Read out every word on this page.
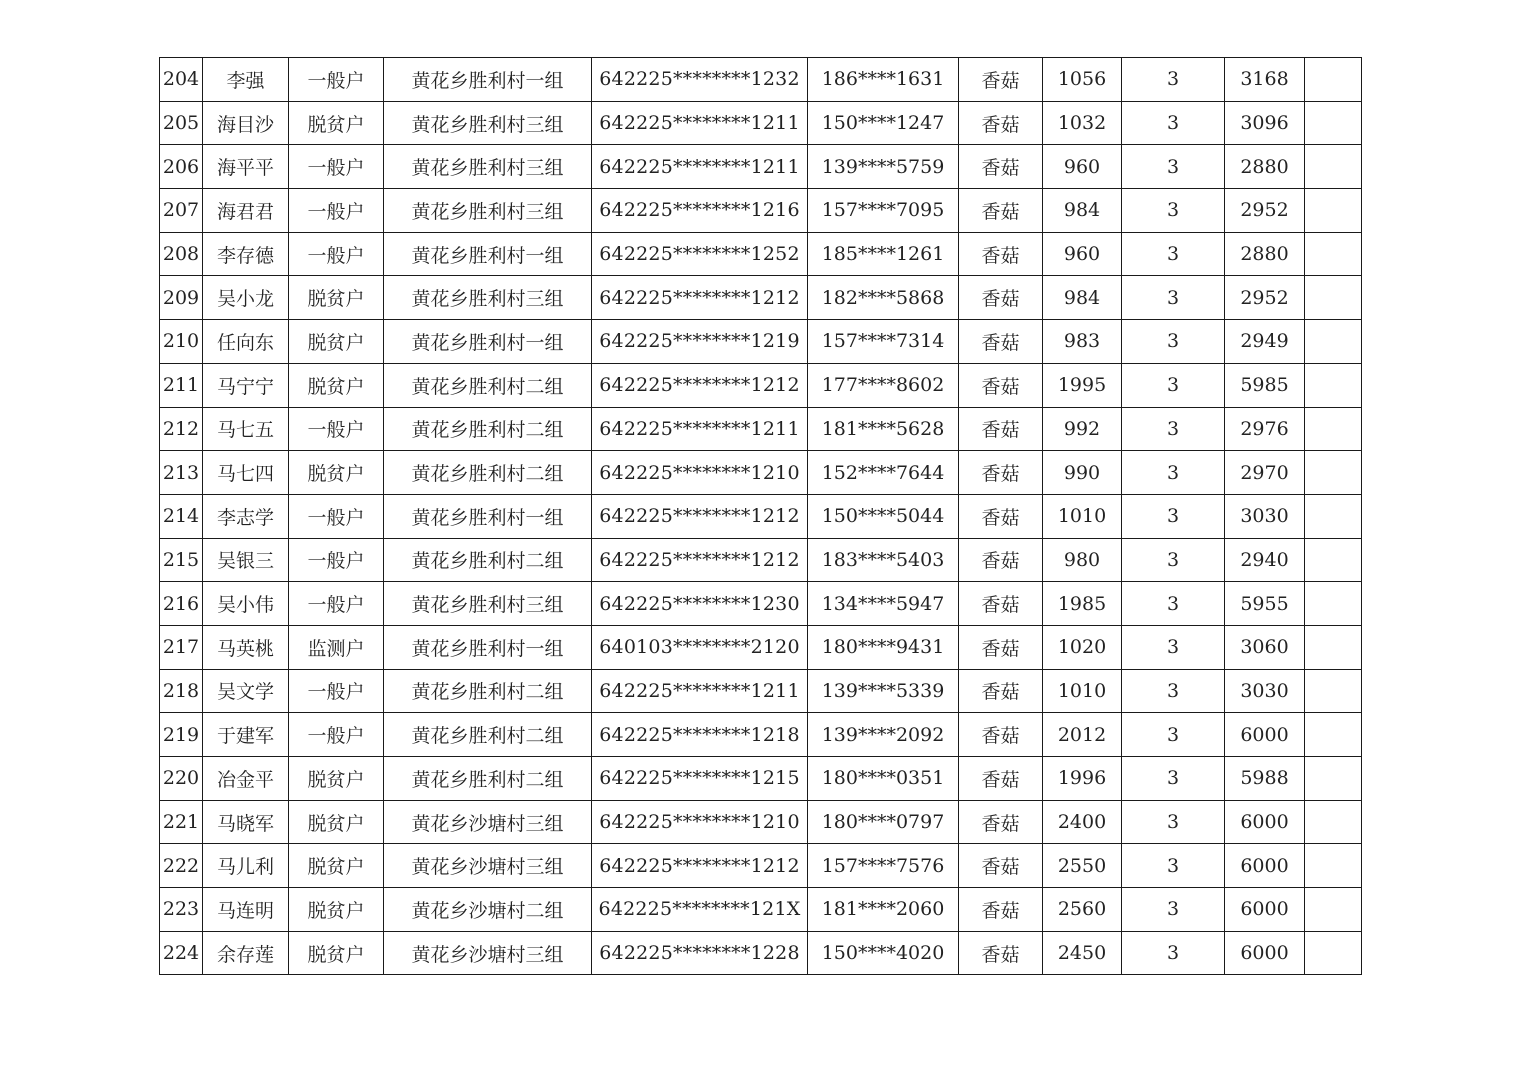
204	李强	一般户	黄花乡胜利村一组	642225********1232	186****1631	香菇	1056	3	3168	
205	海目沙	脱贫户	黄花乡胜利村三组	642225********1211	150****1247	香菇	1032	3	3096	
206	海平平	一般户	黄花乡胜利村三组	642225********1211	139****5759	香菇	960	3	2880	
207	海君君	一般户	黄花乡胜利村三组	642225********1216	157****7095	香菇	984	3	2952	
208	李存德	一般户	黄花乡胜利村一组	642225********1252	185****1261	香菇	960	3	2880	
209	吴小龙	脱贫户	黄花乡胜利村三组	642225********1212	182****5868	香菇	984	3	2952	
210	任向东	脱贫户	黄花乡胜利村一组	642225********1219	157****7314	香菇	983	3	2949	
211	马宁宁	脱贫户	黄花乡胜利村二组	642225********1212	177****8602	香菇	1995	3	5985	
212	马七五	一般户	黄花乡胜利村二组	642225********1211	181****5628	香菇	992	3	2976	
213	马七四	脱贫户	黄花乡胜利村二组	642225********1210	152****7644	香菇	990	3	2970	
214	李志学	一般户	黄花乡胜利村一组	642225********1212	150****5044	香菇	1010	3	3030	
215	吴银三	一般户	黄花乡胜利村二组	642225********1212	183****5403	香菇	980	3	2940	
216	吴小伟	一般户	黄花乡胜利村三组	642225********1230	134****5947	香菇	1985	3	5955	
217	马英桃	监测户	黄花乡胜利村一组	640103********2120	180****9431	香菇	1020	3	3060	
218	吴文学	一般户	黄花乡胜利村二组	642225********1211	139****5339	香菇	1010	3	3030	
219	于建军	一般户	黄花乡胜利村二组	642225********1218	139****2092	香菇	2012	3	6000	
220	冶金平	脱贫户	黄花乡胜利村二组	642225********1215	180****0351	香菇	1996	3	5988	
221	马晓军	脱贫户	黄花乡沙塘村三组	642225********1210	180****0797	香菇	2400	3	6000	
222	马儿利	脱贫户	黄花乡沙塘村三组	642225********1212	157****7576	香菇	2550	3	6000	
223	马连明	脱贫户	黄花乡沙塘村二组	642225********121X	181****2060	香菇	2560	3	6000	
224	余存莲	脱贫户	黄花乡沙塘村三组	642225********1228	150****4020	香菇	2450	3	6000	
